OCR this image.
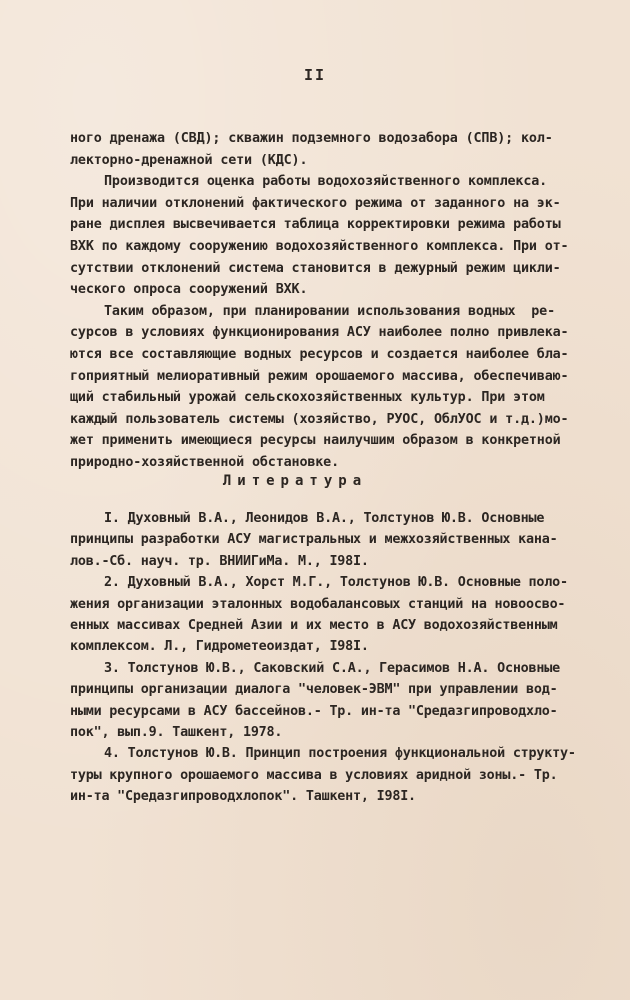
II
ного дренажа (СВД); скважин подземного водозабора (СПВ); кол-
лекторно-дренажной сети (КДС).
Производится оценка работы водохозяйственного комплекса.
При наличии отклонений фактического режима от заданного на эк-
ране дисплея высвечивается таблица корректировки режима работы
ВХК по каждому сооружению водохозяйственного комплекса. При от-
сутствии отклонений система становится в дежурный режим цикли-
ческого опроса сооружений ВХК.
Таким образом, при планировании использования водных  ре-
сурсов в условиях функционирования АСУ наиболее полно привлека-
ются все составляющие водных ресурсов и создается наиболее бла-
гоприятный мелиоративный режим орошаемого массива, обеспечиваю-
щий стабильный урожай сельскохозяйственных культур. При этом
каждый пользователь системы (хозяйство, РУОС, ОблУОС и т.д.)мо-
жет применить имеющиеся ресурсы наилучшим образом в конкретной
природно-хозяйственной обстановке.
Литература
I. Духовный В.А., Леонидов В.А., Толстунов Ю.В. Основные
принципы разработки АСУ магистральных и межхозяйственных кана-
лов.-Сб. науч. тр. ВНИИГиМа. М., I98I.
2. Духовный В.А., Хорст М.Г., Толстунов Ю.В. Основные поло-
жения организации эталонных водобалансовых станций на новоосво-
енных массивах Средней Азии и их место в АСУ водохозяйственным
комплексом. Л., Гидрометеоиздат, I98I.
3. Толстунов Ю.В., Саковский С.А., Герасимов Н.А. Основные
принципы организации диалога "человек-ЭВМ" при управлении вод-
ными ресурсами в АСУ бассейнов.- Тр. ин-та "Средазгипроводхло-
пок", вып.9. Ташкент, 1978.
4. Толстунов Ю.В. Принцип построения функциональной структу-
туры крупного орошаемого массива в условиях аридной зоны.- Тр.
ин-та "Средазгипроводхлопок". Ташкент, I98I.
